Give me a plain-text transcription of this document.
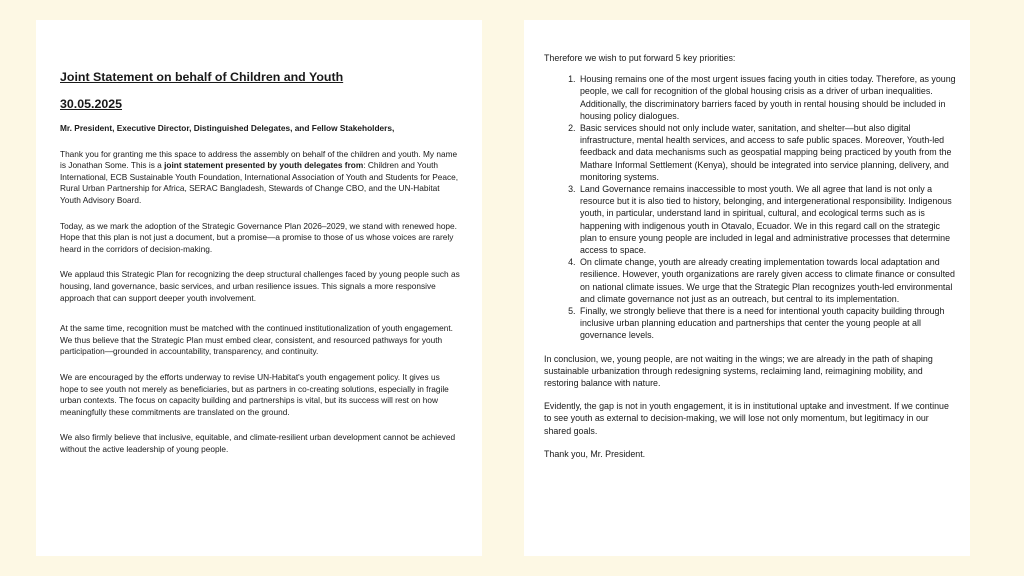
Joint Statement on behalf of Children and Youth

30.05.2025

Mr. President, Executive Director, Distinguished Delegates, and Fellow Stakeholders,

Thank you for granting me this space to address the assembly on behalf of the children and youth. My name is Jonathan Some. This is a joint statement presented by youth delegates from: Children and Youth International, ECB Sustainable Youth Foundation, International Association of Youth and Students for Peace, Rural Urban Partnership for Africa, SERAC Bangladesh, Stewards of Change CBO, and the UN-Habitat Youth Advisory Board.

Today, as we mark the adoption of the Strategic Governance Plan 2026–2029, we stand with renewed hope. Hope that this plan is not just a document, but a promise—a promise to those of us whose voices are rarely heard in the corridors of decision-making.

We applaud this Strategic Plan for recognizing the deep structural challenges faced by young people such as housing, land governance, basic services, and urban resilience issues. This signals a more responsive approach that can support deeper youth involvement.

At the same time, recognition must be matched with the continued institutionalization of youth engagement. We thus believe that the Strategic Plan must embed clear, consistent, and resourced pathways for youth participation—grounded in accountability, transparency, and continuity.

We are encouraged by the efforts underway to revise UN-Habitat's youth engagement policy. It gives us hope to see youth not merely as beneficiaries, but as partners in co-creating solutions, especially in fragile urban contexts. The focus on capacity building and partnerships is vital, but its success will rest on how meaningfully these commitments are translated on the ground.

We also firmly believe that inclusive, equitable, and climate-resilient urban development cannot be achieved without the active leadership of young people.

Therefore we wish to put forward 5 key priorities:

1. Housing remains one of the most urgent issues facing youth in cities today. Therefore, as young people, we call for recognition of the global housing crisis as a driver of urban inequalities. Additionally, the discriminatory barriers faced by youth in rental housing should be included in housing policy dialogues.
2. Basic services should not only include water, sanitation, and shelter—but also digital infrastructure, mental health services, and access to safe public spaces. Moreover, Youth-led feedback and data mechanisms such as geospatial mapping being practiced by youth from the Mathare Informal Settlement (Kenya), should be integrated into service planning, delivery, and monitoring systems.
3. Land Governance remains inaccessible to most youth. We all agree that land is not only a resource but it is also tied to history, belonging, and intergenerational responsibility. Indigenous youth, in particular, understand land in spiritual, cultural, and ecological terms such as is happening with indigenous youth in Otavalo, Ecuador. We in this regard call on the strategic plan to ensure young people are included in legal and administrative processes that determine access to space.
4. On climate change, youth are already creating implementation towards local adaptation and resilience. However, youth organizations are rarely given access to climate finance or consulted on national climate issues. We urge that the Strategic Plan recognizes youth-led environmental and climate governance not just as an outreach, but central to its implementation.
5. Finally, we strongly believe that there is a need for intentional youth capacity building through inclusive urban planning education and partnerships that center the young people at all governance levels.

In conclusion, we, young people, are not waiting in the wings; we are already in the path of shaping sustainable urbanization through redesigning systems, reclaiming land, reimagining mobility, and restoring balance with nature.

Evidently, the gap is not in youth engagement, it is in institutional uptake and investment. If we continue to see youth as external to decision-making, we will lose not only momentum, but legitimacy in our shared goals.

Thank you, Mr. President.
